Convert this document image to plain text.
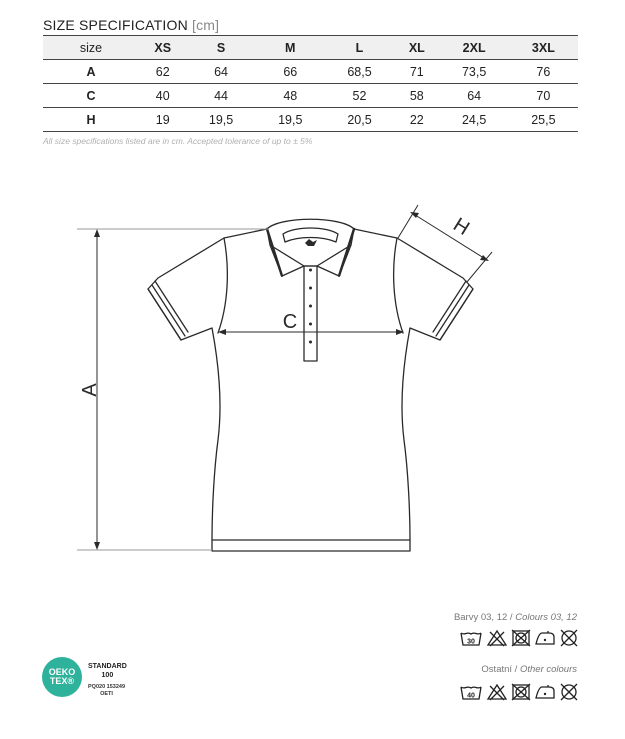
SIZE SPECIFICATION [cm]
size	XS	S	M	L	XL	2XL	3XL
A	62	64	66	68,5	71	73,5	76
C	40	44	48	52	58	64	70
H	19	19,5	19,5	20,5	22	24,5	25,5
All size specifications listed are in cm. Accepted tolerance of up to ± 5%
A
C
H
Barvy 03, 12 / Colours 03, 12
30
Ostatní / Other colours
40
OEKO
TEX®
STANDARD
100
PQ020 153249
OETI
